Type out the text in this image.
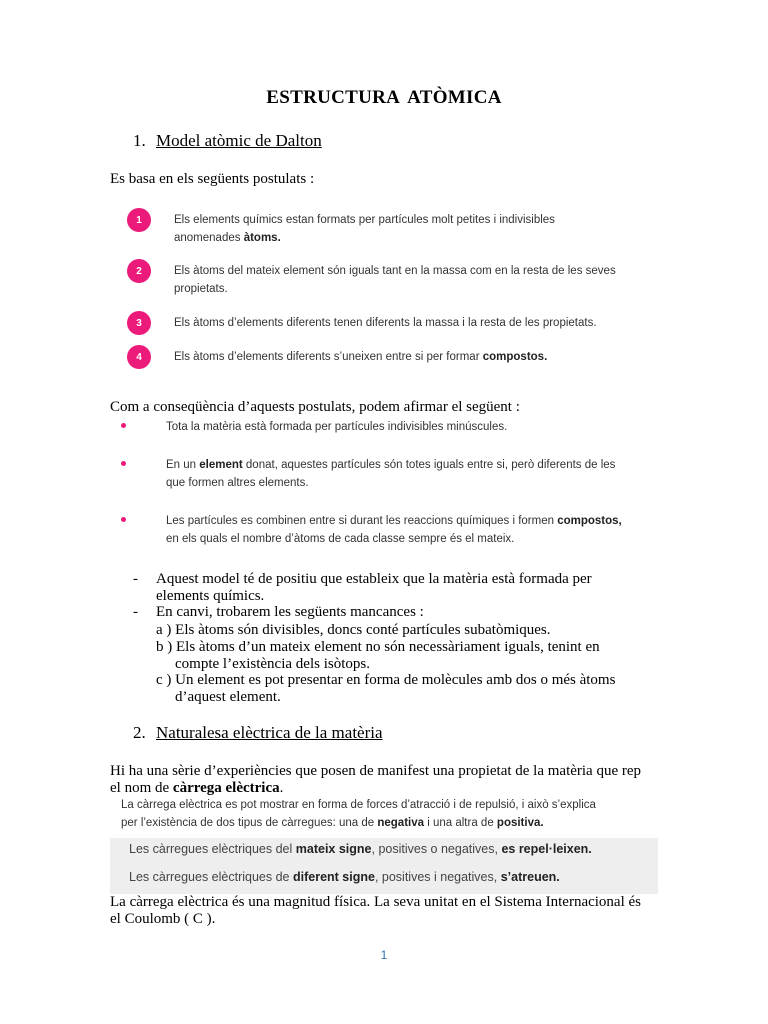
ESTRUCTURA ATÒMICA
1. Model atòmic de Dalton
Es basa en els següents postulats :
1	Els elements químics estan formats per partícules molt petites i indivisibles
anomenades àtoms.
2	Els àtoms del mateix element són iguals tant en la massa com en la resta de les seves
propietats.
3	Els àtoms d’elements diferents tenen diferents la massa i la resta de les propietats.
4	Els àtoms d’elements diferents s’uneixen entre si per formar compostos.
Com a conseqüència d’aquests postulats, podem afirmar el següent :
Tota la matèria està formada per partícules indivisibles minúscules.
En un element donat, aquestes partícules són totes iguals entre si, però diferents de les
que formen altres elements.
Les partícules es combinen entre si durant les reaccions químiques i formen compostos,
en els quals el nombre d’àtoms de cada classe sempre és el mateix.
- Aquest model té de positiu que estableix que la matèria està formada per
elements químics.
- En canvi, trobarem les següents mancances :
a ) Els àtoms són divisibles, doncs conté partícules subatòmiques.
b ) Els àtoms d’un mateix element no són necessàriament iguals, tenint en
compte l’existència dels isòtops.
c ) Un element es pot presentar en forma de molècules amb dos o més àtoms
d’aquest element.
2. Naturalesa elèctrica de la matèria
Hi ha una sèrie d’experiències que posen de manifest una propietat de la matèria que rep
el nom de càrrega elèctrica.
La càrrega elèctrica es pot mostrar en forma de forces d’atracció i de repulsió, i això s’explica
per l’existència de dos tipus de càrregues: una de negativa i una altra de positiva.
Les càrregues elèctriques del mateix signe, positives o negatives, es repel·leixen.
Les càrregues elèctriques de diferent signe, positives i negatives, s’atreuen.
La càrrega elèctrica és una magnitud física. La seva unitat en el Sistema Internacional és
el Coulomb ( C ).
1
